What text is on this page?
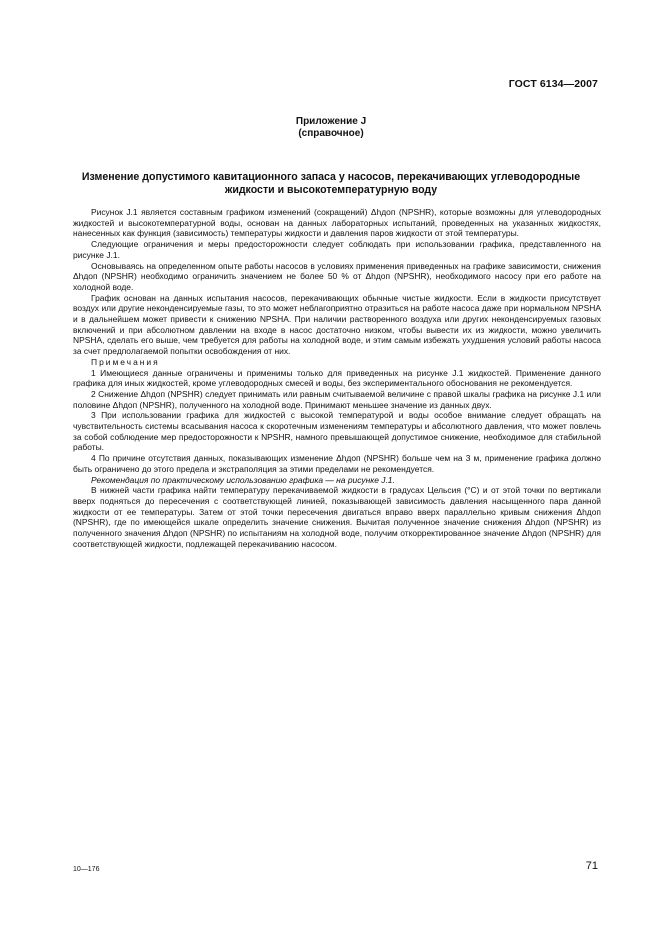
ГОСТ 6134—2007
Приложение J
(справочное)
Изменение допустимого кавитационного запаса у насосов, перекачивающих углеводородные жидкости и высокотемпературную воду

Рисунок J.1 является составным графиком изменений (сокращений) Δhдоп (NPSHR), которые возможны для углеводородных жидкостей и высокотемпературной воды, основан на данных лабораторных испытаний, проведенных на указанных жидкостях, нанесенных как функция (зависимость) температуры жидкости и давления паров жидкости от этой температуры.

Следующие ограничения и меры предосторожности следует соблюдать при использовании графика, представленного на рисунке J.1.

Основываясь на определенном опыте работы насосов в условиях применения приведенных на графике зависимости, снижения Δhдоп (NPSHR) необходимо ограничить значением не более 50 % от Δhдоп (NPSHR), необходимого насосу при его работе на холодной воде.

График основан на данных испытания насосов, перекачивающих обычные чистые жидкости. Если в жидкости присутствует воздух или другие неконденсируемые газы, то это может неблагоприятно отразиться на работе насоса даже при нормальном NPSHA и в дальнейшем может привести к снижению NPSHA. При наличии растворенного воздуха или других неконденсируемых газовых включений и при абсолютном давлении на входе в насос достаточно низком, чтобы вывести их из жидкости, можно увеличить NPSHA, сделать его выше, чем требуется для работы на холодной воде, и этим самым избежать ухудшения условий работы насоса за счет предполагаемой попытки освобождения от них.

Примечания

1 Имеющиеся данные ограничены и применимы только для приведенных на рисунке J.1 жидкостей. Применение данного графика для иных жидкостей, кроме углеводородных смесей и воды, без экспериментального обоснования не рекомендуется.

2 Снижение Δhдоп (NPSHR) следует принимать или равным считываемой величине с правой шкалы графика на рисунке J.1 или половине Δhдоп (NPSHR), полученного на холодной воде. Принимают меньшее значение из данных двух.

3 При использовании графика для жидкостей с высокой температурой и воды особое внимание следует обращать на чувствительность системы всасывания насоса к скоротечным изменениям температуры и абсолютного давления, что может повлечь за собой соблюдение мер предосторожности к NPSHR, намного превышающей допустимое снижение, необходимое для стабильной работы.

4 По причине отсутствия данных, показывающих изменение Δhдоп (NPSHR) больше чем на 3 м, применение графика должно быть ограничено до этого предела и экстраполяция за этими пределами не рекомендуется.

Рекомендация по практическому использованию графика — на рисунке J.1.

В нижней части графика найти температуру перекачиваемой жидкости в градусах Цельсия (°С) и от этой точки по вертикали вверх подняться до пересечения с соответствующей линией, показывающей зависимость давления насыщенного пара данной жидкости от ее температуры. Затем от этой точки пересечения двигаться вправо вверх параллельно кривым снижения Δhдоп (NPSHR), где по имеющейся шкале определить значение снижения. Вычитая полученное значение снижения Δhдоп (NPSHR) из полученного значения Δhдоп (NPSHR) по испытаниям на холодной воде, получим откорректированное значение Δhдоп (NPSHR) для соответствующей жидкости, подлежащей перекачиванию насосом.

10—176	71
